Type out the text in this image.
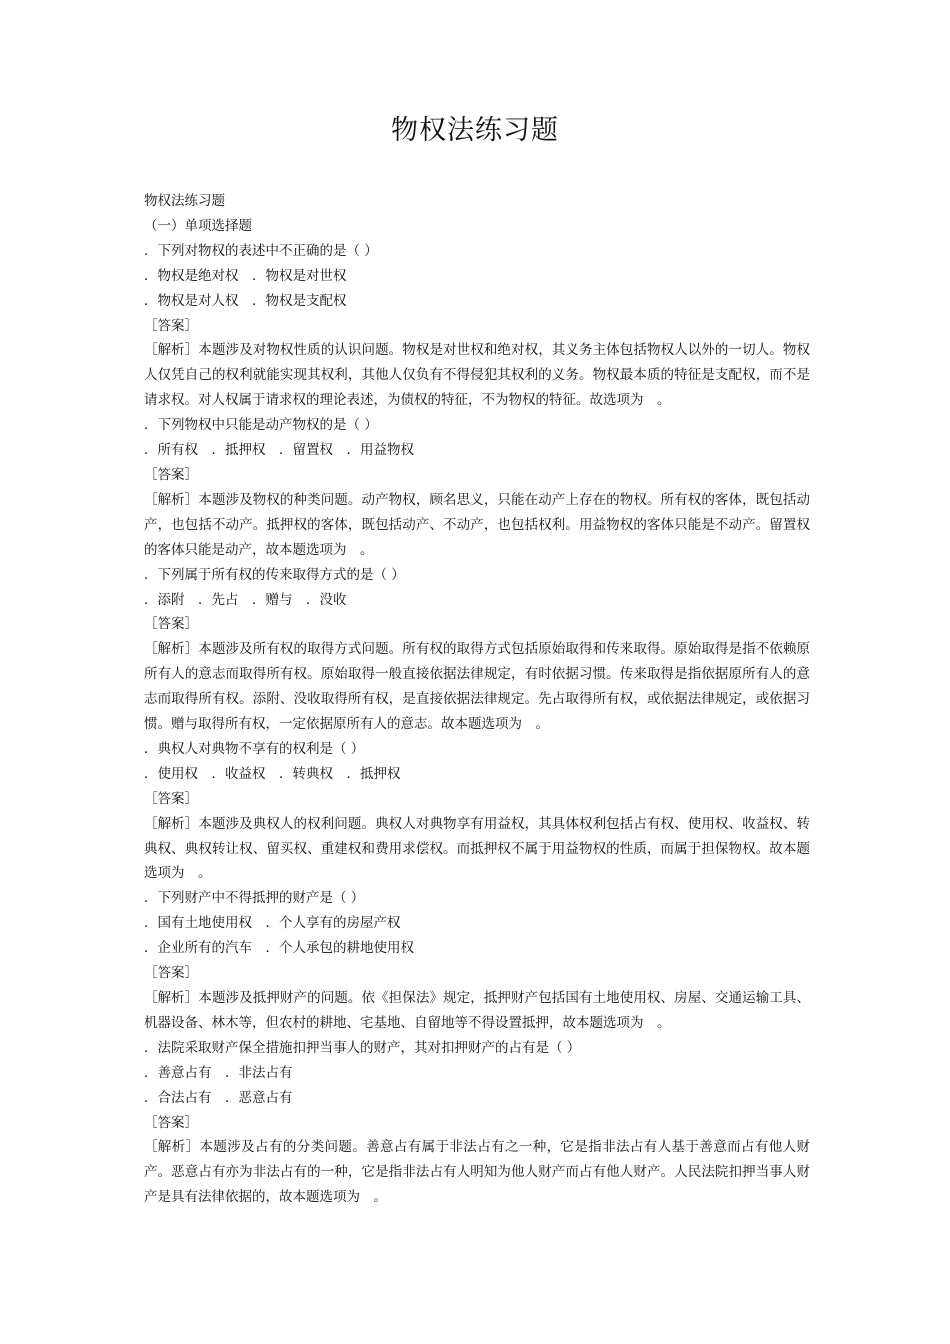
物权法练习题

物权法练习题

（一）单项选择题

．下列对物权的表述中不正确的是（ ）

．物权是绝对权　．物权是对世权

．物权是对人权　．物权是支配权

［答案］

［解析］本题涉及对物权性质的认识问题。物权是对世权和绝对权，其义务主体包括物权人以外的一切人。物权人仅凭自己的权利就能实现其权利，其他人仅负有不得侵犯其权利的义务。物权最本质的特征是支配权，而不是请求权。对人权属于请求权的理论表述，为债权的特征，不为物权的特征。故选项为　。

．下列物权中只能是动产物权的是（ ）

．所有权　．抵押权　．留置权　．用益物权

［答案］

［解析］本题涉及物权的种类问题。动产物权，顾名思义，只能在动产上存在的物权。所有权的客体，既包括动产，也包括不动产。抵押权的客体，既包括动产、不动产，也包括权利。用益物权的客体只能是不动产。留置权的客体只能是动产，故本题选项为　。

．下列属于所有权的传来取得方式的是（ ）

．添附　．先占　．赠与　．没收

［答案］

［解析］本题涉及所有权的取得方式问题。所有权的取得方式包括原始取得和传来取得。原始取得是指不依赖原所有人的意志而取得所有权。原始取得一般直接依据法律规定，有时依据习惯。传来取得是指依据原所有人的意志而取得所有权。添附、没收取得所有权，是直接依据法律规定。先占取得所有权，或依据法律规定，或依据习惯。赠与取得所有权，一定依据原所有人的意志。故本题选项为　。

．典权人对典物不享有的权利是（ ）

．使用权　．收益权　．转典权　．抵押权

［答案］

［解析］本题涉及典权人的权利问题。典权人对典物享有用益权，其具体权利包括占有权、使用权、收益权、转典权、典权转让权、留买权、重建权和费用求偿权。而抵押权不属于用益物权的性质，而属于担保物权。故本题选项为　。

．下列财产中不得抵押的财产是（ ）

．国有土地使用权　．个人享有的房屋产权

．企业所有的汽车　．个人承包的耕地使用权

［答案］

［解析］本题涉及抵押财产的问题。依《担保法》规定，抵押财产包括国有土地使用权、房屋、交通运输工具、机器设备、林木等，但农村的耕地、宅基地、自留地等不得设置抵押，故本题选项为　。

．法院采取财产保全措施扣押当事人的财产，其对扣押财产的占有是（ ）

．善意占有　．非法占有

．合法占有　．恶意占有

［答案］

［解析］本题涉及占有的分类问题。善意占有属于非法占有之一种，它是指非法占有人基于善意而占有他人财产。恶意占有亦为非法占有的一种，它是指非法占有人明知为他人财产而占有他人财产。人民法院扣押当事人财产是具有法律依据的，故本题选项为　。
